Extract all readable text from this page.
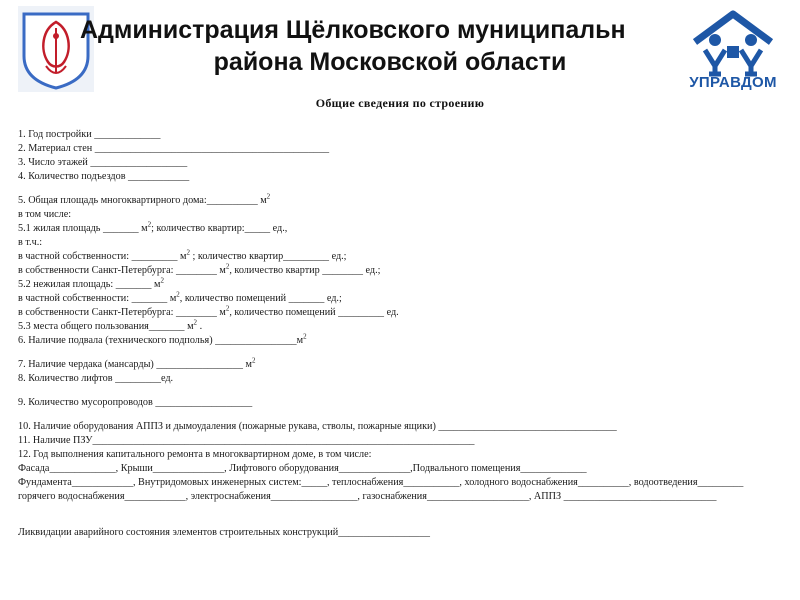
Администрация Щёлковского муниципальн
района Московской области
УПРАВДОМ
Общие сведения по строению
1. Год постройки _____________
2. Материал стен ______________________________________________
3. Число этажей ___________________
4. Количество подъездов ____________
5. Общая площадь многоквартирного дома:__________ $м^2$
в том числе:
5.1 жилая площадь _______ $м^2$; количество квартир:_____ ед.,
в т.ч.:
в частной собственности: _________ $м^2$ ; количество квартир_________ ед.;
в собственности Санкт-Петербурга: ________ $м^2$, количество квартир ________ ед.;
5.2 нежилая площадь: _______ $м^2$
в частной собственности: _______ $м^2$, количество помещений _______ ед.;
в собственности Санкт-Петербурга: ________ $м^2$, количество помещений _________ ед.
5.3 места общего пользования_______ $м^2$ .
6. Наличие подвала (технического подполья) $\_\_\_\_\_\_\_\_\_\_\_\_\_\_\_\_м^2$
7. Наличие чердака (мансарды) _________________ $м^2$
8. Количество лифтов _________ед.
9. Количество мусоропроводов ___________________
10. Наличие оборудования АППЗ и дымоудаления (пожарные рукава, стволы, пожарные ящики) ___________________________________
11. Наличие ПЗУ___________________________________________________________________________
12. Год выполнения капитального ремонта в многоквартирном доме, в том числе:
Фасада_____________, Крыши______________, Лифтового оборудования______________,Подвального помещения_____________
Фундамента____________, Внутридомовых инженерных систем:_____, теплоснабжения___________, холодного водоснабжения__________, водоотведения_________
горячего водоснабжения____________, электроснабжения_________________, газоснабжения____________________, АППЗ ______________________________
Ликвидации аварийного состояния элементов строительных конструкций__________________
